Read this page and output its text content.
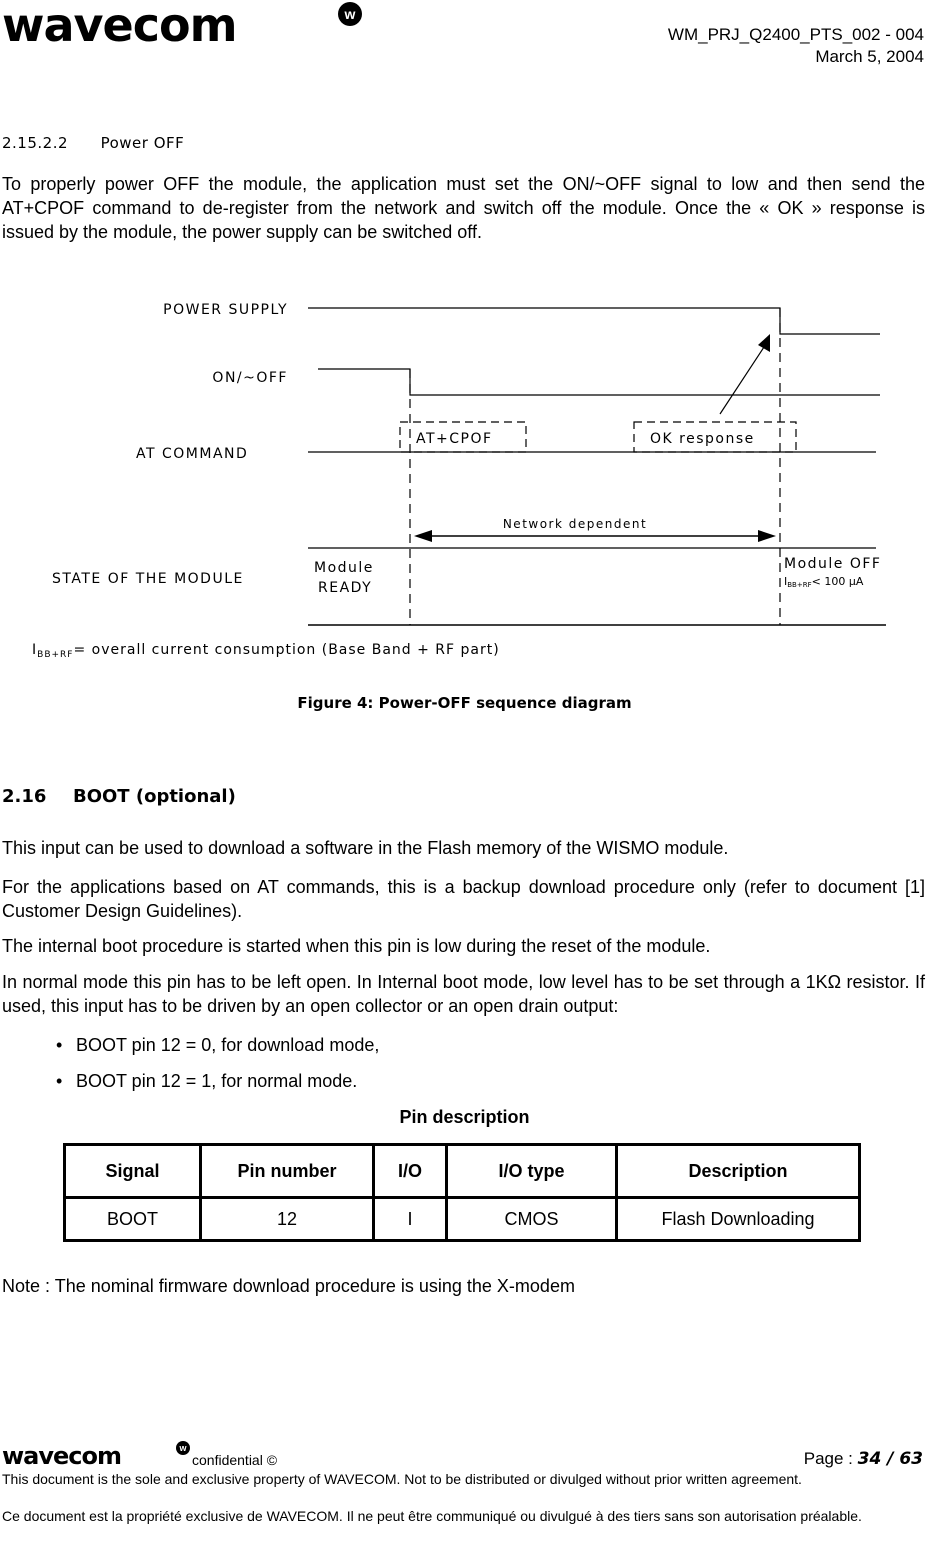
wavecom	w
WM_PRJ_Q2400_PTS_002 - 004
March 5, 2004
2.15.2.2 Power OFF
To properly power OFF the module, the application must set the ON/~OFF signal to low and then send the AT+CPOF command to de-register from the network and switch off the module. Once the « OK » response is issued by the module, the power supply can be switched off.
POWER SUPPLY
ON/~OFF
AT COMMAND
STATE OF THE MODULE
AT+CPOF	OK response
Network dependent
Module
READY
Module OFF
IBB+RF< 100 µA
$I_{BB+RF}=$ overall current consumption (Base Band + RF part)
Figure 4: Power-OFF sequence diagram
2.16 BOOT (optional)
This input can be used to download a software in the Flash memory of the WISMO module.
For the applications based on AT commands, this is a backup download procedure only (refer to document [1] Customer Design Guidelines).
The internal boot procedure is started when this pin is low during the reset of the module.
In normal mode this pin has to be left open. In Internal boot mode, low level has to be set through a 1KΩ resistor. If used, this input has to be driven by an open collector or an open drain output:
• BOOT pin 12 = 0, for download mode,
• BOOT pin 12 = 1, for normal mode.
Pin description
Signal	Pin number	I/O	I/O type	Description
BOOT	12	I	CMOS	Flash Downloading
Note : The nominal firmware download procedure is using the X-modem
wavecom	w
confidential ©	Page : 34 / 63
This document is the sole and exclusive property of WAVECOM. Not to be distributed or divulged without prior written agreement.
Ce document est la propriété exclusive de WAVECOM. Il ne peut être communiqué ou divulgué à des tiers sans son autorisation préalable.
